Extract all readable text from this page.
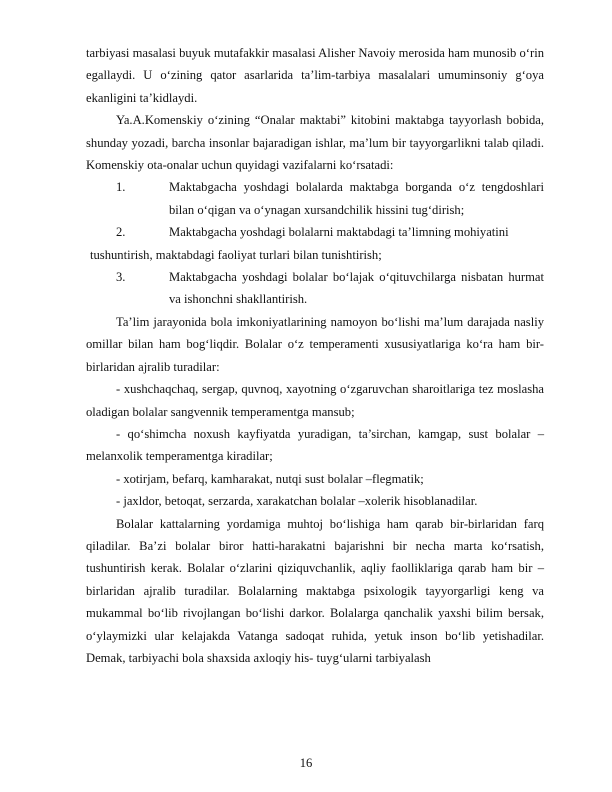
tarbiyasi masalasi buyuk mutafakkir masalasi Alisher Navoiy merosida ham munosib oʻrin egallaydi. U oʻzining qator asarlarida ta’lim-tarbiya masalalari umuminsoniy gʻoya ekanligini ta’kidlaydi.

Ya.A.Komenskiy oʻzining “Onalar maktabi” kitobini maktabga tayyorlash bobida, shunday yozadi, barcha insonlar bajaradigan ishlar, ma’lum bir tayyorgarlikni talab qiladi. Komenskiy ota-onalar uchun quyidagi vazifalarni koʻrsatadi:

1.	Maktabgacha yoshdagi bolalarda maktabga borganda oʻz tengdoshlari bilan oʻqigan va oʻynagan xursandchilik hissini tugʻdirish;
2.	Maktabgacha yoshdagi bolalarni maktabdagi ta’limning mohiyatini

tushuntirish, maktabdagi faoliyat turlari bilan tunishtirish;

3.	Maktabgacha yoshdagi bolalar boʻlajak oʻqituvchilarga nisbatan hurmat va ishonchni shakllantirish.

Ta’lim jarayonida bola imkoniyatlarining namoyon boʻlishi ma’lum darajada nasliy omillar bilan ham bogʻliqdir. Bolalar oʻz temperamenti xususiyatlariga koʻra ham bir-birlaridan ajralib turadilar:

- xushchaqchaq, sergap, quvnoq, xayotning oʻzgaruvchan sharoitlariga tez moslasha oladigan bolalar sangvennik temperamentga mansub;

- qoʻshimcha noxush kayfiyatda yuradigan, ta’sirchan, kamgap, sust bolalar – melanxolik temperamentga kiradilar;

- xotirjam, befarq, kamharakat, nutqi sust bolalar –flegmatik;

- jaxldor, betoqat, serzarda, xarakatchan bolalar –xolerik hisoblanadilar.

Bolalar kattalarning yordamiga muhtoj boʻlishiga ham qarab bir-birlaridan farq qiladilar. Ba’zi bolalar biror hatti-harakatni bajarishni bir necha marta koʻrsatish, tushuntirish kerak. Bolalar oʻzlarini qiziquvchanlik, aqliy faolliklariga qarab ham bir –birlaridan ajralib turadilar. Bolalarning maktabga psixologik tayyorgarligi keng va mukammal boʻlib rivojlangan boʻlishi darkor. Bolalarga qanchalik yaxshi bilim bersak, oʻylaymizki ular kelajakda Vatanga sadoqat ruhida, yetuk inson boʻlib yetishadilar. Demak, tarbiyachi bola shaxsida axloqiy his- tuygʻularni tarbiyalash

16
